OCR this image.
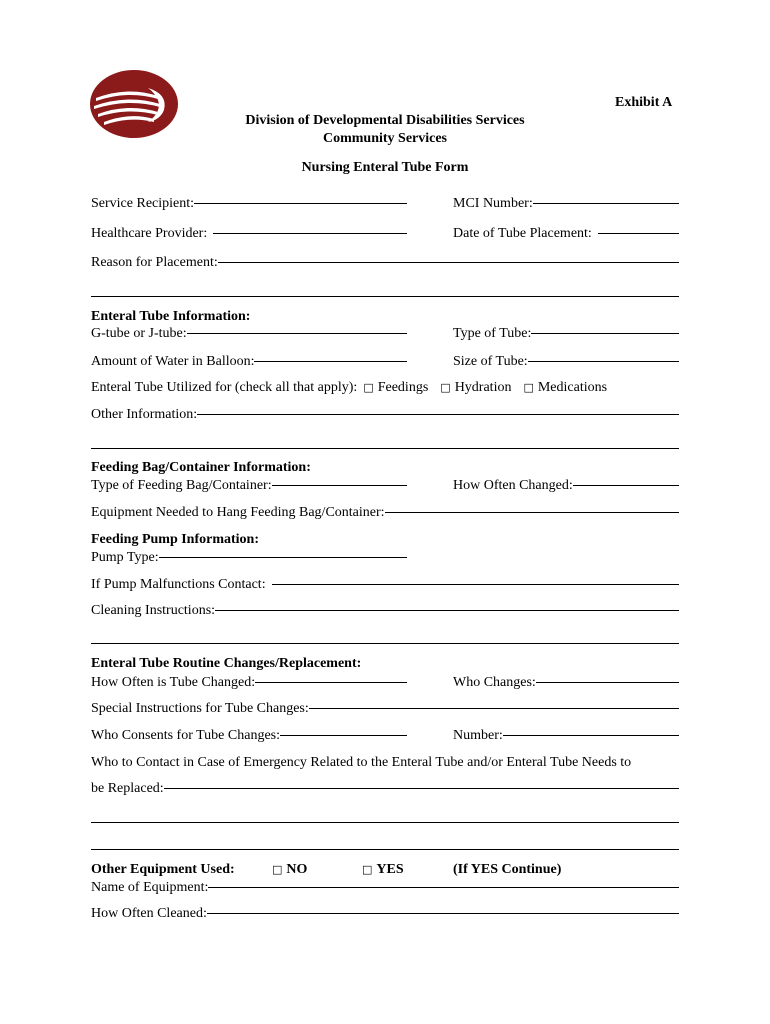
Exhibit A
Division of Developmental Disabilities Services
Community Services
Nursing Enteral Tube Form
Service Recipient:	MCI Number:
Healthcare Provider:	Date of Tube Placement:
Reason for Placement:
Enteral Tube Information:
G-tube or J-tube:	Type of Tube:
Amount of Water in Balloon:	Size of Tube:
Enteral Tube Utilized for (check all that apply): □ Feedings □ Hydration □ Medications
Other Information:
Feeding Bag/Container Information:
Type of Feeding Bag/Container:	How Often Changed:
Equipment Needed to Hang Feeding Bag/Container:
Feeding Pump Information:
Pump Type:
If Pump Malfunctions Contact:
Cleaning Instructions:
Enteral Tube Routine Changes/Replacement:
How Often is Tube Changed:	Who Changes:
Special Instructions for Tube Changes:
Who Consents for Tube Changes:	Number:
Who to Contact in Case of Emergency Related to the Enteral Tube and/or Enteral Tube Needs to
be Replaced:
Other Equipment Used:	□ NO	□ YES	(If YES Continue)
Name of Equipment:
How Often Cleaned:
